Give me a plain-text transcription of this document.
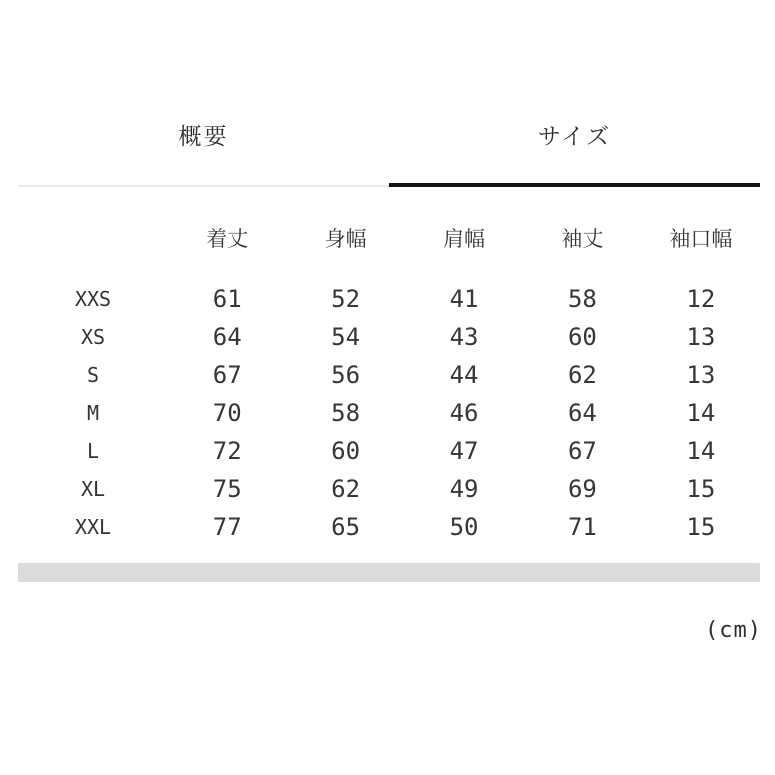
概要	サイズ
着丈	身幅	肩幅	袖丈	袖口幅
XXS	61	52	41	58	12
XS	64	54	43	60	13
S	67	56	44	62	13
M	70	58	46	64	14
L	72	60	47	67	14
XL	75	62	49	69	15
XXL	77	65	50	71	15
(cm)
